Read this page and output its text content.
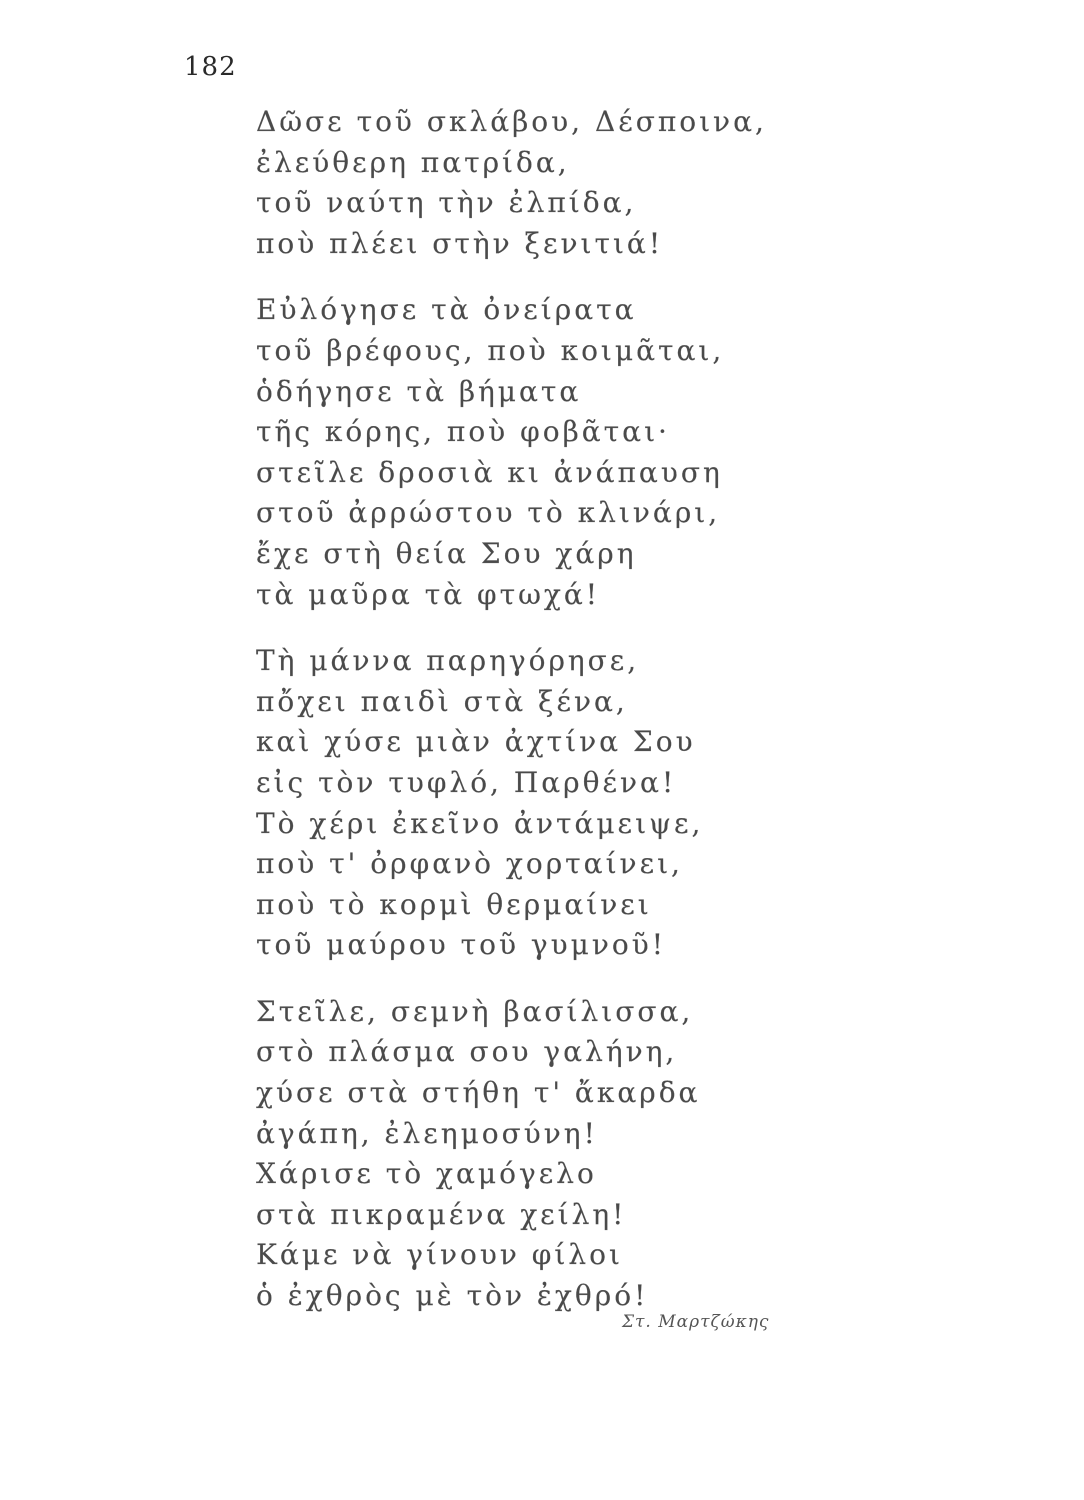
182
Δῶσε τοῦ σκλάβου, Δέσποινα,
ἐλεύθερη πατρίδα,
τοῦ ναύτη τὴν ἐλπίδα,
ποὺ πλέει στὴν ξενιτιά!
Εὐλόγησε τὰ ὀνείρατα
τοῦ βρέφους, ποὺ κοιμᾶται,
ὁδήγησε τὰ βήματα
τῆς κόρης, ποὺ φοβᾶται·
στεῖλε δροσιὰ κι ἀνάπαυση
στοῦ ἀρρώστου τὸ κλινάρι,
ἔχε στὴ θεία Σου χάρη
τὰ μαῦρα τὰ φτωχά!
Τὴ μάννα παρηγόρησε,
πὄχει παιδὶ στὰ ξένα,
καὶ χύσε μιὰν ἀχτίνα Σου
εἰς τὸν τυφλό, Παρθένα!
Τὸ χέρι ἐκεῖνο ἀντάμειψε,
ποὺ τ' ὀρφανὸ χορταίνει,
ποὺ τὸ κορμὶ θερμαίνει
τοῦ μαύρου τοῦ γυμνοῦ!
Στεῖλε, σεμνὴ βασίλισσα,
στὸ πλάσμα σου γαλήνη,
χύσε στὰ στήθη τ' ἄκαρδα
ἀγάπη, ἐλεημοσύνη!
Χάρισε τὸ χαμόγελο
στὰ πικραμένα χείλη!
Κάμε νὰ γίνουν φίλοι
ὁ ἐχθρὸς μὲ τὸν ἐχθρό!
Στ. Μαρτζώκης
